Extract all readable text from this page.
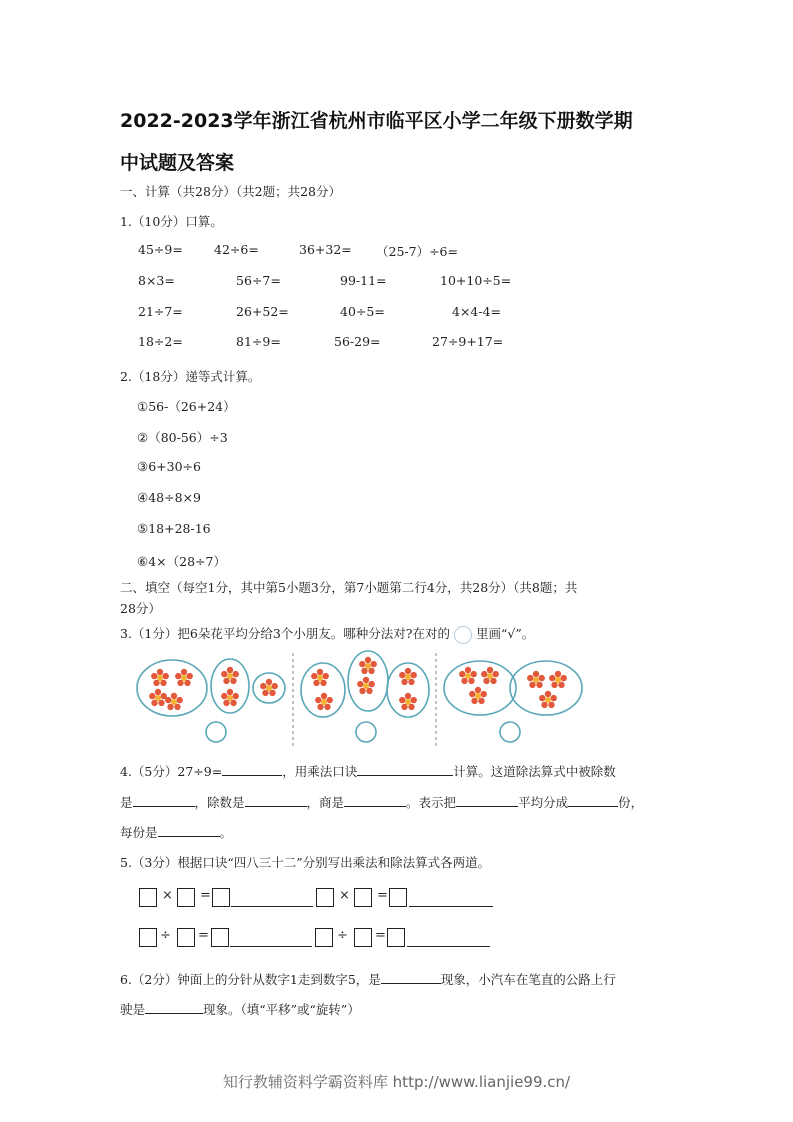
2022-2023学年浙江省杭州市临平区小学二年级下册数学期
中试题及答案
一、计算（共28分）（共2题；共28分）
1.（10分）口算。
45÷9= 42÷6=	36+32= （25-7）÷6=
8×3=	56÷7=	99-11=	10+10÷5=
21÷7=	26+52=	40÷5=	4×4-4=
18÷2=	81÷9=	56-29=	27÷9+17=
2.（18分）递等式计算。
①56-（26+24）
②（80-56）÷3
③6+30÷6
④48÷8×9
⑤18+28-16
⑥4×（28÷7）
二、填空（每空1分，其中第5小题3分，第7小题第二行4分，共28分）（共8题；共
28分）
3.（1分）把6朵花平均分给3个小朋友。哪种分法对?在对的 里画“√”。
4.（5分）27÷9=	，用乘法口诀	计算。这道除法算式中被除数
是	，除数是	，商是	。表示把	平均分成	份，
每份是	。
5.（3分）根据口诀“四八三十二”分别写出乘法和除法算式各两道。
× =	× =
÷ =	÷ =
6.（2分）钟面上的分针从数字1走到数字5，是	现象，小汽车在笔直的公路上行
驶是	现象。（填“平移”或“旋转”）
知行教辅资料学霸资料库 http://www.lianjie99.cn/
